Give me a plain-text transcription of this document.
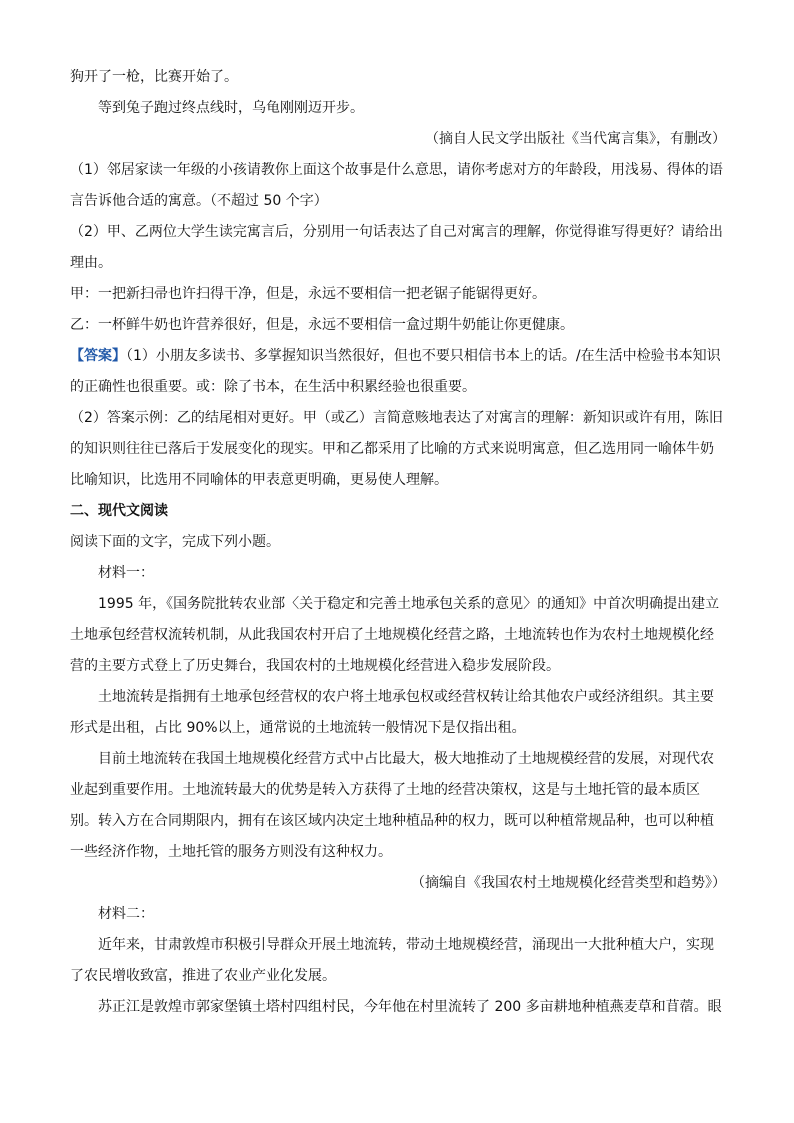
狗开了一枪，比赛开始了。

等到兔子跑过终点线时，乌龟刚刚迈开步。

（摘自人民文学出版社《当代寓言集》，有删改）

（1）邻居家读一年级的小孩请教你上面这个故事是什么意思，请你考虑对方的年龄段，用浅易、得体的语言告诉他合适的寓意。（不超过 50 个字）

（2）甲、乙两位大学生读完寓言后，分别用一句话表达了自己对寓言的理解，你觉得谁写得更好？请给出理由。

甲：一把新扫帚也许扫得干净，但是，永远不要相信一把老锯子能锯得更好。

乙：一杯鲜牛奶也许营养很好，但是，永远不要相信一盒过期牛奶能让你更健康。

【答案】（1）小朋友多读书、多掌握知识当然很好，但也不要只相信书本上的话。/在生活中检验书本知识的正确性也很重要。或：除了书本，在生活中积累经验也很重要。

（2）答案示例：乙的结尾相对更好。甲（或乙）言简意赅地表达了对寓言的理解：新知识或许有用，陈旧的知识则往往已落后于发展变化的现实。甲和乙都采用了比喻的方式来说明寓意，但乙选用同一喻体牛奶比喻知识，比选用不同喻体的甲表意更明确，更易使人理解。

二、现代文阅读

阅读下面的文字，完成下列小题。

材料一：

1995 年，《国务院批转农业部〈关于稳定和完善土地承包关系的意见〉的通知》中首次明确提出建立土地承包经营权流转机制，从此我国农村开启了土地规模化经营之路，土地流转也作为农村土地规模化经营的主要方式登上了历史舞台，我国农村的土地规模化经营进入稳步发展阶段。

土地流转是指拥有土地承包经营权的农户将土地承包权或经营权转让给其他农户或经济组织。其主要形式是出租，占比 90%以上，通常说的土地流转一般情况下是仅指出租。

目前土地流转在我国土地规模化经营方式中占比最大，极大地推动了土地规模经营的发展，对现代农业起到重要作用。土地流转最大的优势是转入方获得了土地的经营决策权，这是与土地托管的最本质区别。转入方在合同期限内，拥有在该区域内决定土地种植品种的权力，既可以种植常规品种，也可以种植一些经济作物，土地托管的服务方则没有这种权力。

（摘编自《我国农村土地规模化经营类型和趋势》）

材料二：

近年来，甘肃敦煌市积极引导群众开展土地流转，带动土地规模经营，涌现出一大批种植大户，实现了农民增收致富，推进了农业产业化发展。

苏正江是敦煌市郭家堡镇土塔村四组村民，今年他在村里流转了 200 多亩耕地种植燕麦草和苜蓿。眼
